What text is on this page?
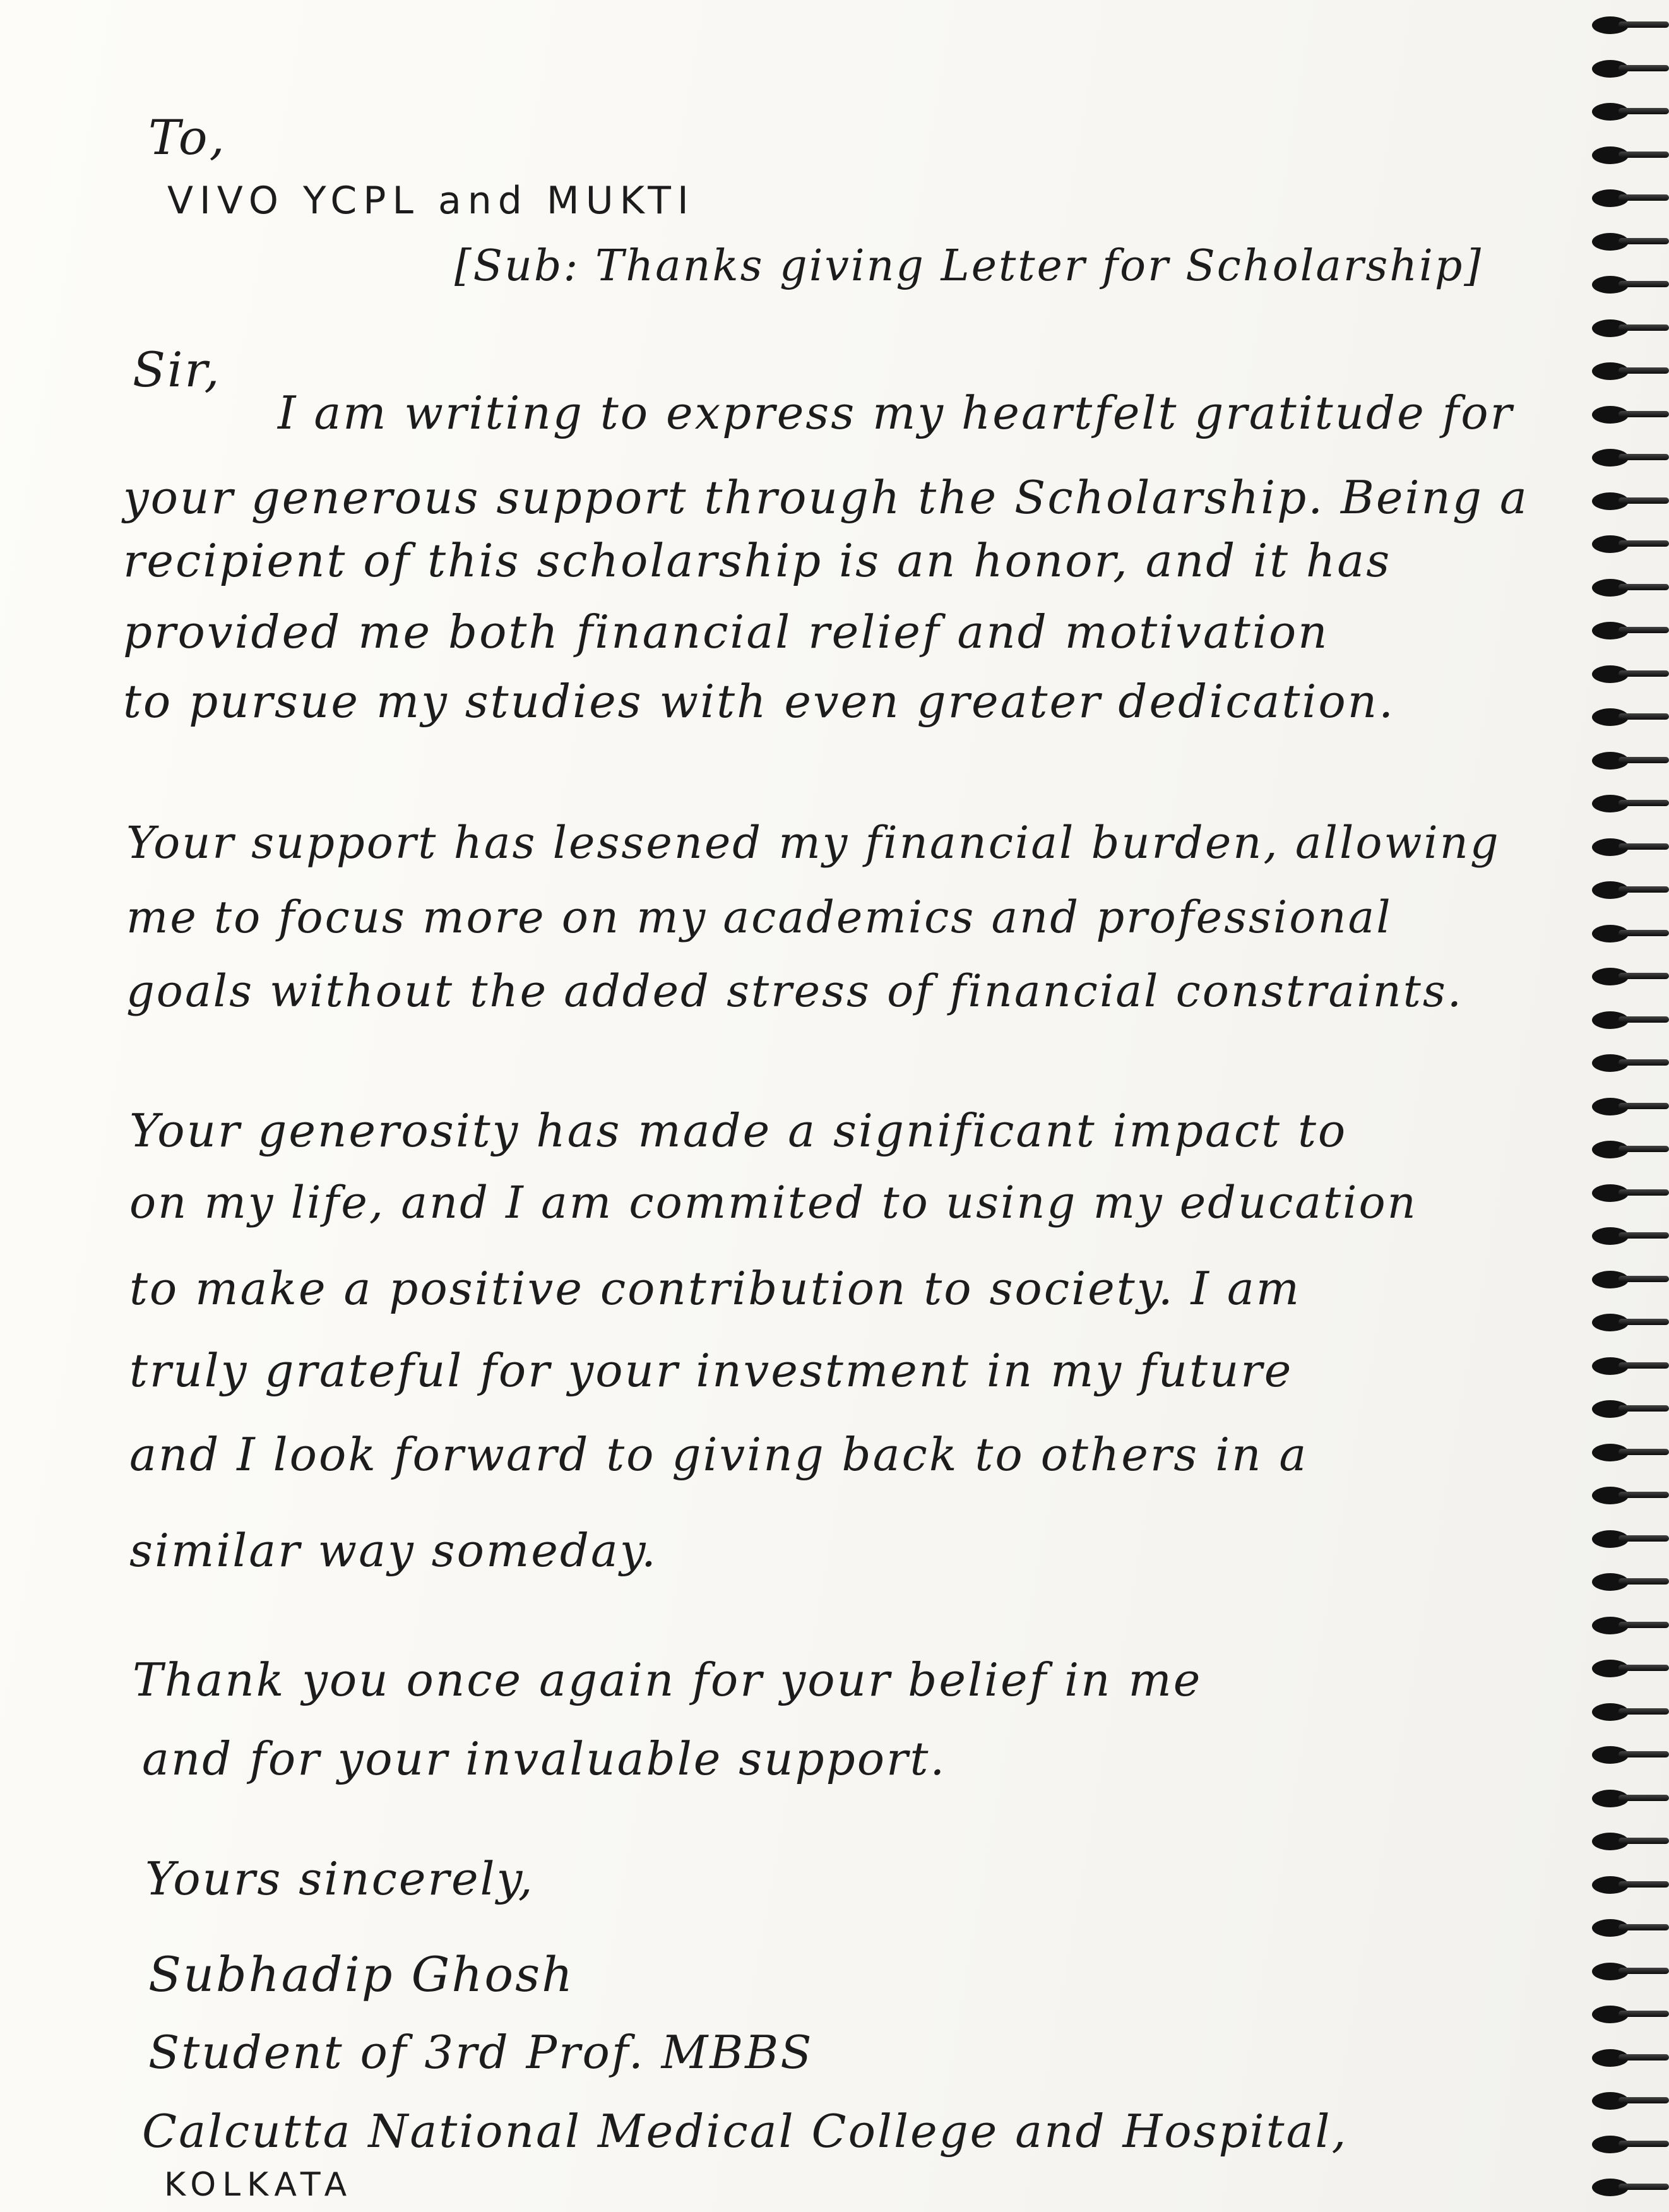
To,
VIVO YCPL and MUKTI
[Sub: Thanks giving Letter for Scholarship]
Sir,
I am writing to express my heartfelt gratitude for
your generous support through the Scholarship. Being a
recipient of this scholarship is an honor, and it has
provided me both financial relief and motivation
to pursue my studies with even greater dedication.
Your support has lessened my financial burden, allowing
me to focus more on my academics and professional
goals without the added stress of financial constraints.
Your generosity has made a significant impact to
on my life, and I am commited to using my education
to make a positive contribution to society. I am
truly grateful for your investment in my future
and I look forward to giving back to others in a
similar way someday.
Thank you once again for your belief in me
and for your invaluable support.
Yours sincerely,
Subhadip Ghosh
Student of 3rd Prof. MBBS
Calcutta National Medical College and Hospital,
KOLKATA
